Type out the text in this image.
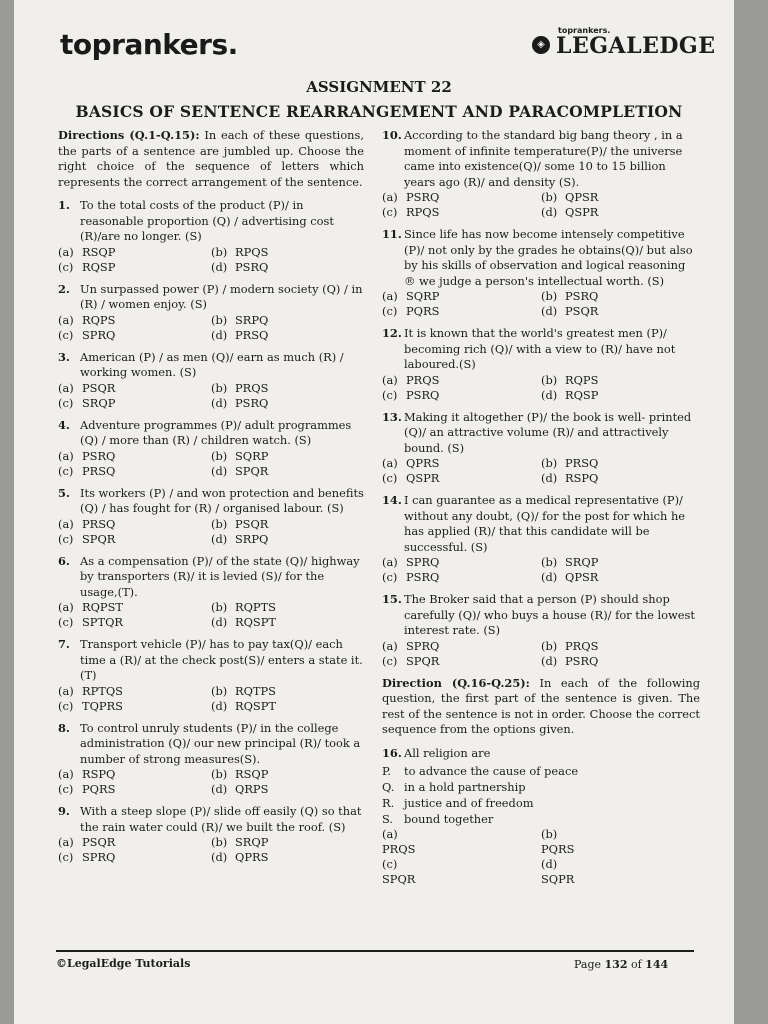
toprankers.	◈
toprankers.
LEGALEDGE
ASSIGNMENT 22
BASICS OF SENTENCE REARRANGEMENT AND PARACOMPLETION
Directions (Q.1-Q.15): In each of these questions, the parts of a sentence are jumbled up. Choose the right choice of the sequence of letters which represents the correct arrangement of the sentence.
1. To the total costs of the product (P)/ in reasonable proportion (Q) / advertising cost (R)/are no longer. (S)
(a) RSQP	(b) RPQS
(c) RQSP	(d) PSRQ
2. Un surpassed power (P) / modern society (Q) / in (R) / women enjoy. (S)
(a) RQPS	(b) SRPQ
(c) SPRQ	(d) PRSQ
3. American (P) / as men (Q)/ earn as much (R) / working women. (S)
(a) PSQR	(b) PRQS
(c) SRQP	(d) PSRQ
4. Adventure programmes (P)/ adult programmes (Q) / more than (R) / children watch. (S)
(a) PSRQ	(b) SQRP
(c) PRSQ	(d) SPQR
5. Its workers (P) / and won protection and benefits (Q) / has fought for (R) / organised labour. (S)
(a) PRSQ	(b) PSQR
(c) SPQR	(d) SRPQ
6. As a compensation (P)/ of the state (Q)/ highway by transporters (R)/ it is levied (S)/ for the usage,(T).
(a) RQPST	(b) RQPTS
(c) SPTQR	(d) RQSPT
7. Transport vehicle (P)/ has to pay tax(Q)/ each time a (R)/ at the check post(S)/ enters a state it.(T)
(a) RPTQS	(b) RQTPS
(c) TQPRS	(d) RQSPT
8. To control unruly students (P)/ in the college administration (Q)/ our new principal (R)/ took a number of strong measures(S).
(a) RSPQ	(b) RSQP
(c) PQRS	(d) QRPS
9. With a steep slope (P)/ slide off easily (Q) so that the rain water could (R)/ we built the roof. (S)
(a) PSQR	(b) SRQP
(c) SPRQ	(d) QPRS
10. According to the standard big bang theory , in a moment of infinite temperature(P)/ the universe came into existence(Q)/ some 10 to 15 billion years ago (R)/ and density (S).
(a) PSRQ	(b) QPSR
(c) RPQS	(d) QSPR
11. Since life has now become intensely competitive (P)/ not only by the grades he obtains(Q)/ but also by his skills of observation and logical reasoning ® we judge a person's intellectual worth. (S)
(a) SQRP	(b) PSRQ
(c) PQRS	(d) PSQR
12. It is known that the world's greatest men (P)/ becoming rich (Q)/ with a view to (R)/ have not laboured.(S)
(a) PRQS	(b) RQPS
(c) PSRQ	(d) RQSP
13. Making it altogether (P)/ the book is well- printed (Q)/ an attractive volume (R)/ and attractively bound. (S)
(a) QPRS	(b) PRSQ
(c) QSPR	(d) RSPQ
14. I can guarantee as a medical representative (P)/ without any doubt, (Q)/ for the post for which he has applied (R)/ that this candidate will be successful. (S)
(a) SPRQ	(b) SRQP
(c) PSRQ	(d) QPSR
15. The Broker said that a person (P) should shop carefully (Q)/ who buys a house (R)/ for the lowest interest rate. (S)
(a) SPRQ	(b) PRQS
(c) SPQR	(d) PSRQ
Direction (Q.16-Q.25): In each of the following question, the first part of the sentence is given. The rest of the sentence is not in order. Choose the correct sequence from the options given.
16. All religion are
P.	to advance the cause of peace
Q. in a hold partnership
R. justice and of freedom
S. bound together
(a)
PRQS
(b)
PQRS
(c)
SPQR
(d)
SQPR
©LegalEdge Tutorials	Page 132 of 144
